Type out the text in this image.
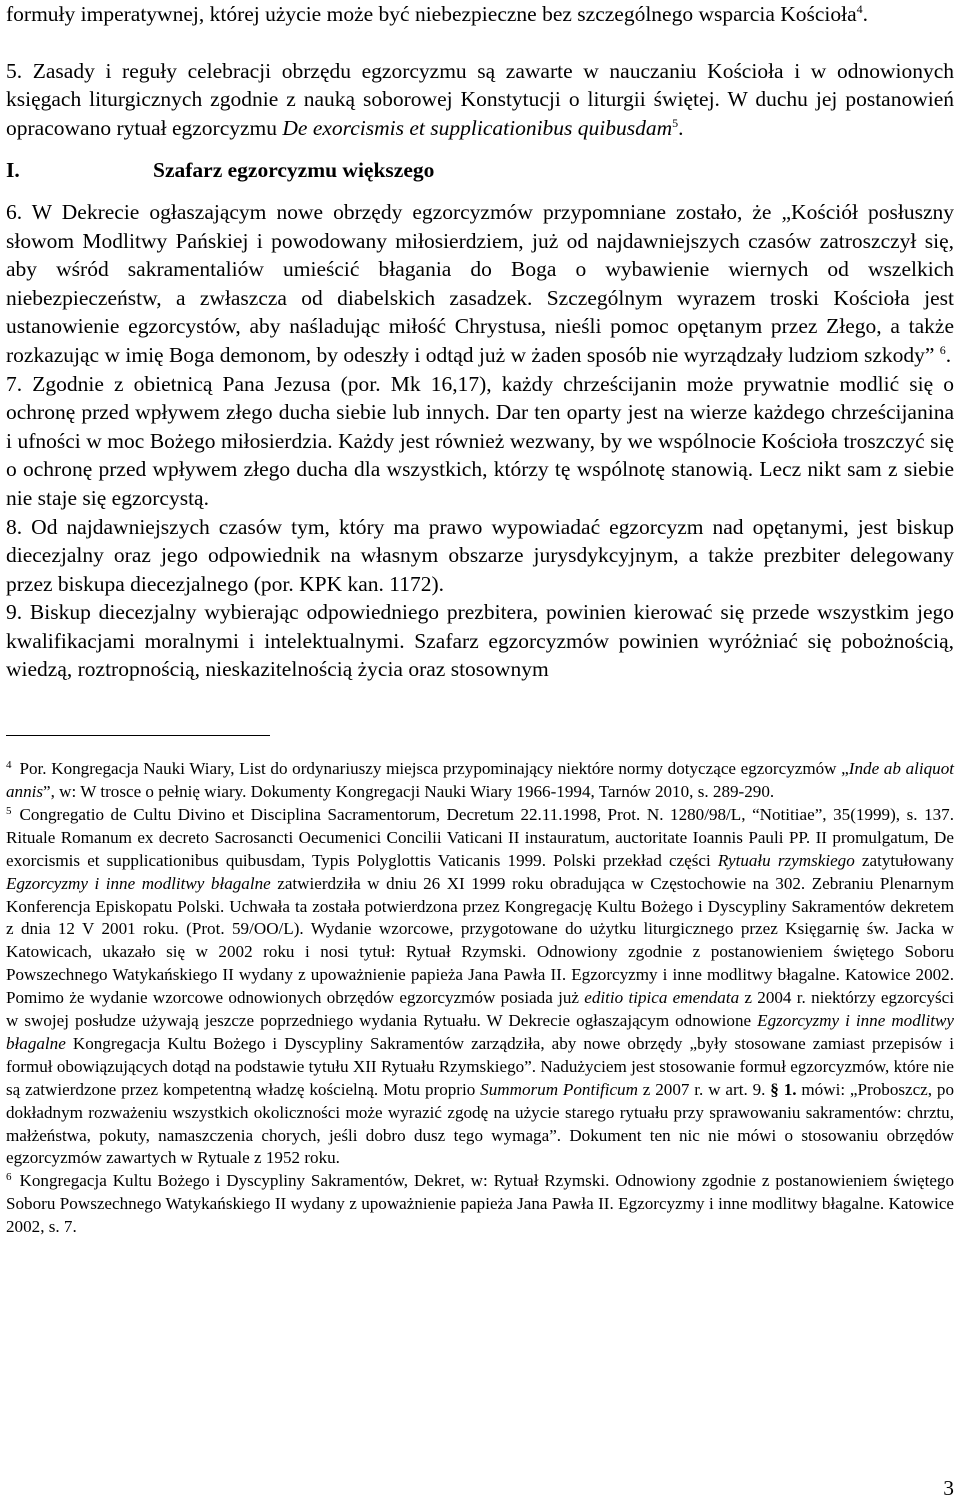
formuły imperatywnej, której użycie może być niebezpieczne bez szczególnego wsparcia Kościoła$^4$.

5. Zasady i reguły celebracji obrzędu egzorcyzmu są zawarte w nauczaniu Kościoła i w odnowionych księgach liturgicznych zgodnie z nauką soborowej Konstytucji o liturgii świętej. W duchu jej postanowień opracowano rytuał egzorcyzmu De exorcismis et supplicationibus quibusdam$^5$.

I.	Szafarz egzorcyzmu większego

6. W Dekrecie ogłaszającym nowe obrzędy egzorcyzmów przypomniane zostało, że „Kościół posłuszny słowom Modlitwy Pańskiej i powodowany miłosierdziem, już od najdawniejszych czasów zatroszczył się, aby wśród sakramentaliów umieścić błagania do Boga o wybawienie wiernych od wszelkich niebezpieczeństw, a zwłaszcza od diabelskich zasadzek. Szczególnym wyrazem troski Kościoła jest ustanowienie egzorcystów, aby naśladując miłość Chrystusa, nieśli pomoc opętanym przez Złego, a także rozkazując w imię Boga demonom, by odeszły i odtąd już w żaden sposób nie wyrządzały ludziom szkody” $^6$.

7. Zgodnie z obietnicą Pana Jezusa (por. Mk 16,17), każdy chrześcijanin może prywatnie modlić się o ochronę przed wpływem złego ducha siebie lub innych. Dar ten oparty jest na wierze każdego chrześcijanina i ufności w moc Bożego miłosierdzia. Każdy jest również wezwany, by we wspólnocie Kościoła troszczyć się o ochronę przed wpływem złego ducha dla wszystkich, którzy tę wspólnotę stanowią. Lecz nikt sam z siebie nie staje się egzorcystą.

8. Od najdawniejszych czasów tym, który ma prawo wypowiadać egzorcyzm nad opętanymi, jest biskup diecezjalny oraz jego odpowiednik na własnym obszarze jurysdykcyjnym, a także prezbiter delegowany przez biskupa diecezjalnego (por. KPK kan. 1172).

9. Biskup diecezjalny wybierając odpowiedniego prezbitera, powinien kierować się przede wszystkim jego kwalifikacjami moralnymi i intelektualnymi. Szafarz egzorcyzmów powinien wyróżniać się pobożnością, wiedzą, roztropnością, nieskazitelnością życia oraz stosownym

$^4$ Por. Kongregacja Nauki Wiary, List do ordynariuszy miejsca przypominający niektóre normy dotyczące egzorcyzmów „Inde ab aliquot annis”, w: W trosce o pełnię wiary. Dokumenty Kongregacji Nauki Wiary 1966-1994, Tarnów 2010, s. 289-290.

$^5$ Congregatio de Cultu Divino et Disciplina Sacramentorum, Decretum 22.11.1998, Prot. N. 1280/98/L, “Notitiae”, 35(1999), s. 137. Rituale Romanum ex decreto Sacrosancti Oecumenici Concilii Vaticani II instauratum, auctoritate Ioannis Pauli PP. II promulgatum, De exorcismis et supplicationibus quibusdam, Typis Polyglottis Vaticanis 1999. Polski przekład części Rytuału rzymskiego zatytułowany Egzorcyzmy i inne modlitwy błagalne zatwierdziła w dniu 26 XI 1999 roku obradująca w Częstochowie na 302. Zebraniu Plenarnym Konferencja Episkopatu Polski. Uchwała ta została potwierdzona przez Kongregację Kultu Bożego i Dyscypliny Sakramentów dekretem z dnia 12 V 2001 roku. (Prot. 59/OO/L). Wydanie wzorcowe, przygotowane do użytku liturgicznego przez Księgarnię św. Jacka w Katowicach, ukazało się w 2002 roku i nosi tytuł: Rytuał Rzymski. Odnowiony zgodnie z postanowieniem świętego Soboru Powszechnego Watykańskiego II wydany z upoważnienie papieża Jana Pawła II. Egzorcyzmy i inne modlitwy błagalne. Katowice 2002. Pomimo że wydanie wzorcowe odnowionych obrzędów egzorcyzmów posiada już editio tipica emendata z 2004 r. niektórzy egzorcyści w swojej posłudze używają jeszcze poprzedniego wydania Rytuału. W Dekrecie ogłaszającym odnowione Egzorcyzmy i inne modlitwy błagalne Kongregacja Kultu Bożego i Dyscypliny Sakramentów zarządziła, aby nowe obrzędy „były stosowane zamiast przepisów i formuł obowiązujących dotąd na podstawie tytułu XII Rytuału Rzymskiego”. Nadużyciem jest stosowanie formuł egzorcyzmów, które nie są zatwierdzone przez kompetentną władzę kościelną. Motu proprio Summorum Pontificum z 2007 r. w art. 9. § 1. mówi: „Proboszcz, po dokładnym rozważeniu wszystkich okoliczności może wyrazić zgodę na użycie starego rytuału przy sprawowaniu sakramentów: chrztu, małżeństwa, pokuty, namaszczenia chorych, jeśli dobro dusz tego wymaga”. Dokument ten nic nie mówi o stosowaniu obrzędów egzorcyzmów zawartych w Rytuale z 1952 roku.

$^6$ Kongregacja Kultu Bożego i Dyscypliny Sakramentów, Dekret, w: Rytuał Rzymski. Odnowiony zgodnie z postanowieniem świętego Soboru Powszechnego Watykańskiego II wydany z upoważnienie papieża Jana Pawła II. Egzorcyzmy i inne modlitwy błagalne. Katowice 2002, s. 7.

3
